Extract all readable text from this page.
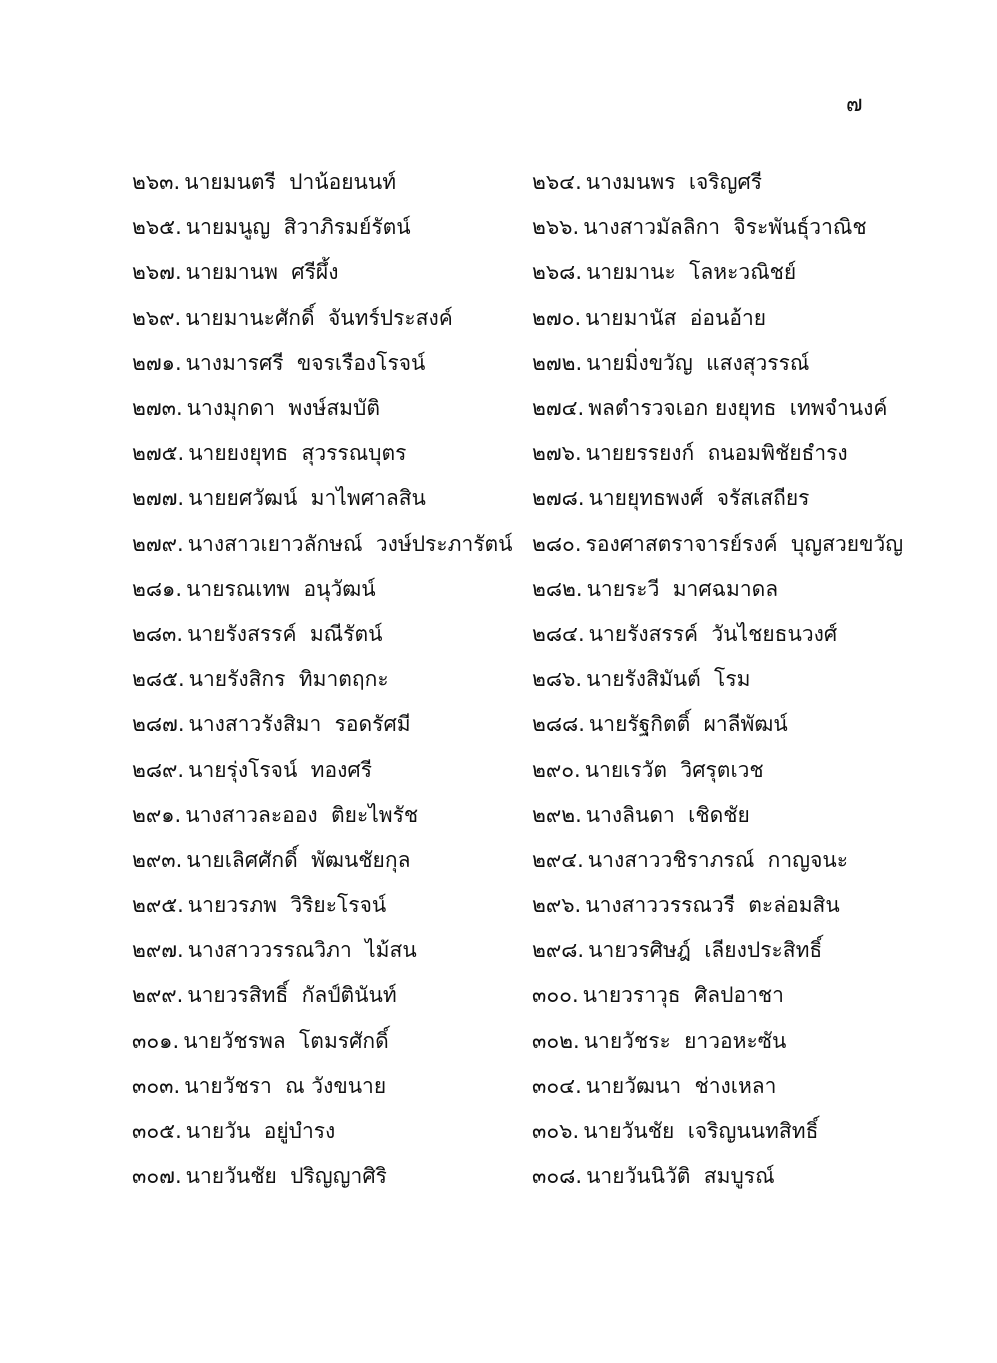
๗
๒๖๓. นายมนตรี  ปาน้อยนนท์	๒๖๔. นางมนพร  เจริญศรี
๒๖๕. นายมนูญ  สิวาภิรมย์รัตน์	๒๖๖. นางสาวมัลลิกา  จิระพันธุ์วาณิช
๒๖๗. นายมานพ  ศรีผึ้ง	๒๖๘. นายมานะ  โลหะวณิชย์
๒๖๙. นายมานะศักดิ์  จันทร์ประสงค์	๒๗๐. นายมานัส  อ่อนอ้าย
๒๗๑. นางมารศรี  ขจรเรืองโรจน์	๒๗๒. นายมิ่งขวัญ  แสงสุวรรณ์
๒๗๓. นางมุกดา  พงษ์สมบัติ	๒๗๔. พลตำรวจเอก ยงยุทธ  เทพจำนงค์
๒๗๕. นายยงยุทธ  สุวรรณบุตร	๒๗๖. นายยรรยงก์  ถนอมพิชัยธำรง
๒๗๗. นายยศวัฒน์  มาไพศาลสิน	๒๗๘. นายยุทธพงศ์  จรัสเสถียร
๒๗๙. นางสาวเยาวลักษณ์  วงษ์ประภารัตน์ ๒๘๐. รองศาสตราจารย์รงค์  บุญสวยขวัญ
๒๘๑. นายรณเทพ  อนุวัฒน์	๒๘๒. นายระวี  มาศฉมาดล
๒๘๓. นายรังสรรค์  มณีรัตน์	๒๘๔. นายรังสรรค์  วันไชยธนวงศ์
๒๘๕. นายรังสิกร  ทิมาตฤกะ	๒๘๖. นายรังสิมันต์  โรม
๒๘๗. นางสาวรังสิมา  รอดรัศมี	๒๘๘. นายรัฐกิตติ์  ผาลีพัฒน์
๒๘๙. นายรุ่งโรจน์  ทองศรี	๒๙๐. นายเรวัต  วิศรุตเวช
๒๙๑. นางสาวละออง  ติยะไพรัช	๒๙๒. นางลินดา  เชิดชัย
๒๙๓. นายเลิศศักดิ์  พัฒนชัยกุล	๒๙๔. นางสาววชิราภรณ์  กาญจนะ
๒๙๕. นายวรภพ  วิริยะโรจน์	๒๙๖. นางสาววรรณวรี  ตะล่อมสิน
๒๙๗. นางสาววรรณวิภา  ไม้สน	๒๙๘. นายวรศิษฎ์  เลียงประสิทธิ์
๒๙๙. นายวรสิทธิ์  กัลป์ตินันท์	๓๐๐. นายวราวุธ  ศิลปอาชา
๓๐๑. นายวัชรพล  โตมรศักดิ์	๓๐๒. นายวัชระ  ยาวอหะซัน
๓๐๓. นายวัชรา  ณ วังขนาย	๓๐๔. นายวัฒนา  ช่างเหลา
๓๐๕. นายวัน  อยู่บำรง	๓๐๖. นายวันชัย  เจริญนนทสิทธิ์
๓๐๗. นายวันชัย  ปริญญาศิริ	๓๐๘. นายวันนิวัติ  สมบูรณ์
